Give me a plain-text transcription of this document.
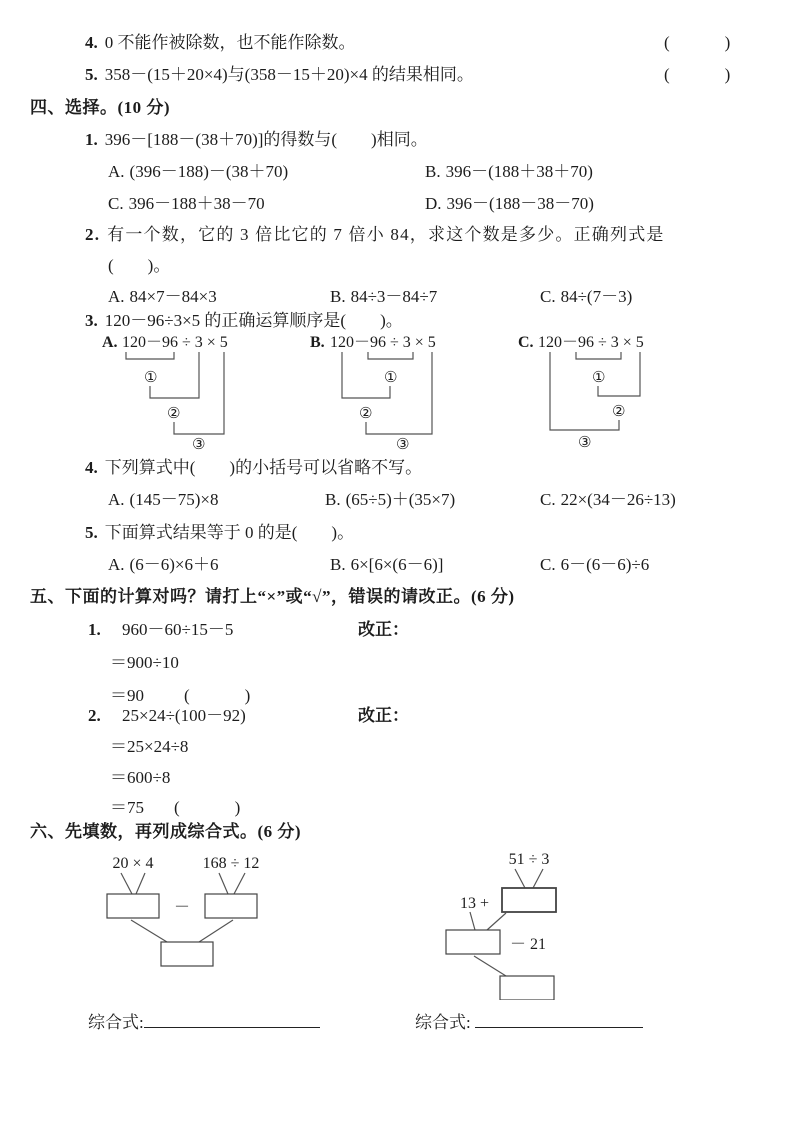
4. 0 不能作被除数，也不能作除数。	(　　　)
5. 358－(15＋20×4)与(358－15＋20)×4 的结果相同。	(　　　)
四、选择。(10 分)
1. 396－[188－(38＋70)]的得数与(　　)相同。
A. (396－188)－(38＋70)	B. 396－(188＋38＋70)
C. 396－188＋38－70	D. 396－(188－38－70)
2. 有一个数，它的 3 倍比它的 7 倍小 84，求这个数是多少。正确列式是
(　　)。
A. 84×7－84×3	B. 84÷3－84÷7	C. 84÷(7－3)
3. 120－96÷3×5 的正确运算顺序是(　　)。
A. 120－96 ÷ 3 × 5
①
②
③
B. 120－96 ÷ 3 × 5
①
②
③
C. 120－96 ÷ 3 × 5
①
②
③
4. 下列算式中(　　)的小括号可以省略不写。
A. (145－75)×8	B. (65÷5)＋(35×7)	C. 22×(34－26÷13)
5. 下面算式结果等于 0 的是(　　)。
A. (6－6)×6＋6	B. 6×[6×(6－6)]	C. 6－(6－6)÷6
五、下面的计算对吗？请打上“×”或“√”，错误的请改正。(6 分)
1. 960－60÷15－5	改正：
＝900÷10
＝90 (　　　)
2. 25×24÷(100－92)	改正：
＝25×24÷8
＝600÷8
＝75 (　　　)
六、先填数，再列成综合式。(6 分)
20 × 4	168 ÷ 12
－
51 ÷ 3
13 +
－ 21
综合式:	综合式:
